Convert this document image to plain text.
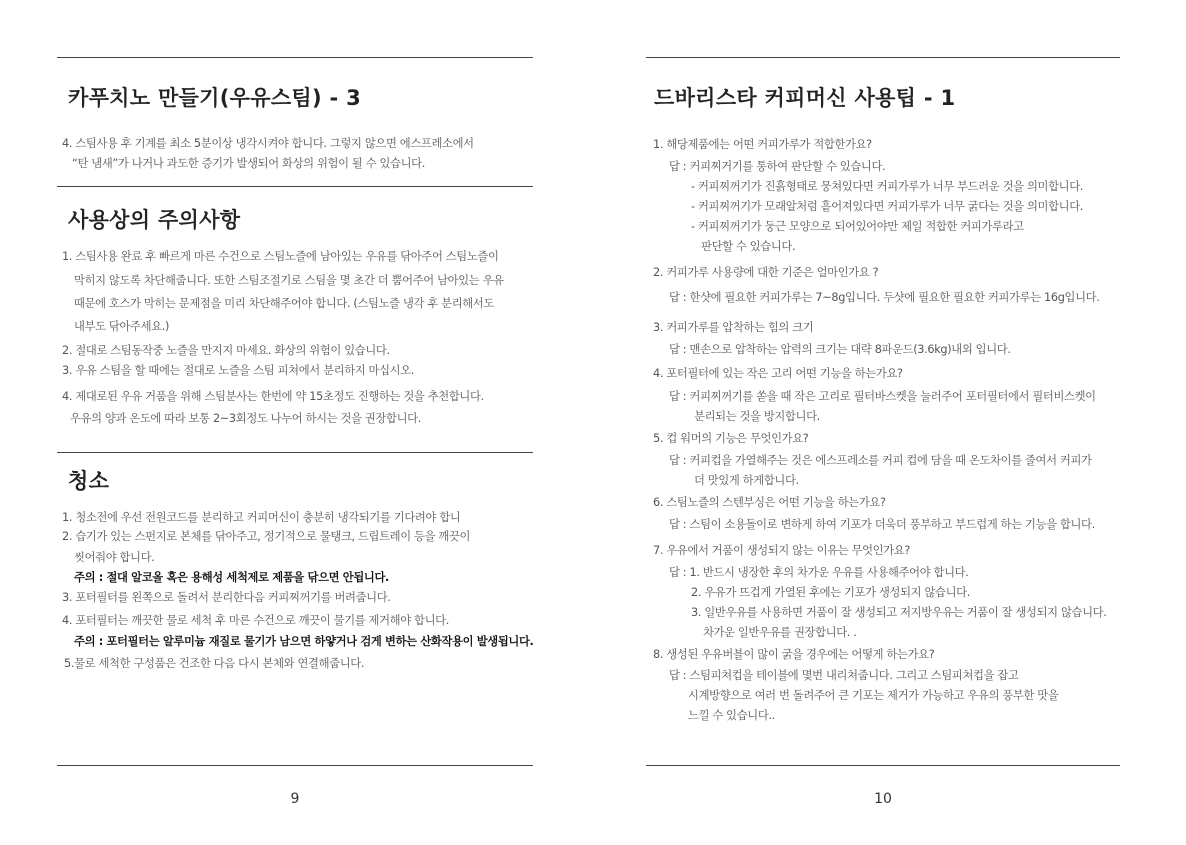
카푸치노 만들기(우유스팀) - 3
4. 스팀사용 후 기계를 최소 5분이상 냉각시켜야 합니다. 그렇지 않으면 에스프레소에서
“탄 냄새”가 나거나 과도한 증기가 발생되어 화상의 위험이 될 수 있습니다.
사용상의 주의사항
1. 스팀사용 완료 후 빠르게 마른 수건으로 스팀노즐에 남아있는 우유를 닦아주어 스팀노즐이
막히지 않도록 차단해줍니다. 또한 스팀조절기로 스팀을 몇 초간 더 뿜어주어 남아있는 우유
때문에 호스가 막히는 문제점을 미리 차단해주어야 합니다. (스팀노즐 냉각 후 분리해서도
내부도 닦아주세요.)
2. 절대로 스팀동작중 노즐을 만지지 마세요. 화상의 위험이 있습니다.
3. 우유 스팀을 할 때에는 절대로 노즐을 스팀 피쳐에서 분리하지 마십시오.
4. 제대로된 우유 거품을 위해 스팀분사는 한번에 약 15초정도 진행하는 것을 추천합니다.
우유의 양과 온도에 따라 보통 2~3회정도 나누어 하시는 것을 권장합니다.
청소
1. 청소전에 우선 전원코드를 분리하고 커피머신이 충분히 냉각되기를 기다려야 합니
2. 습기가 있는 스펀지로 본체를 닦아주고, 정기적으로 물탱크, 드립트레이 등을 깨끗이
씻어줘야 합니다.
주의 : 절대 알코올 혹은 용해성 세척제로 제품을 닦으면 안됩니다.
3. 포터필터를 왼쪽으로 돌려서 분리한다음 커피찌꺼기를 버려줍니다.
4. 포터필터는 깨끗한 물로 세척 후 마른 수건으로 깨끗이 물기를 제거해야 합니다.
주의 : 포터필터는 알루미늄 재질로 물기가 남으면 하얗거나 검게 변하는 산화작용이 발생됩니다.
5.물로 세척한 구성품은 건조한 다음 다시 본체와 연결해줍니다.
9
드바리스타 커피머신 사용팁 - 1
1. 해당제품에는 어떤 커피가루가 적합한가요?
답 : 커피찌거기를 통하여 판단할 수 있습니다.
- 커피찌꺼기가 진흙형태로 뭉쳐있다면 커피가루가 너무 부드러운 것을 의미합니다.
- 커피찌꺼기가 모래알처럼 흩어져있다면 커피가루가 너무 굵다는 것을 의미합니다.
- 커피찌꺼기가 둥근 모양으로 되어있어야만 제일 적합한 커피가루라고
판단할 수 있습니다.
2. 커피가루 사용량에 대한 기준은 얼마인가요 ?
답 : 한샷에 필요한 커피가루는 7~8g입니다. 두샷에 필요한 필요한 커피가루는 16g입니다.
3. 커피가루를 압착하는 힘의 크기
답 : 맨손으로 압착하는 압력의 크기는 대략 8파운드(3.6kg)내외 입니다.
4. 포터필터에 있는 작은 고리 어떤 기능을 하는가요?
답 : 커피찌꺼기를 쏟을 때 작은 고리로 필터바스켓을 눌러주어 포터필터에서 필터비스켓이
분리되는 것을 방지합니다.
5. 컵 워머의 기능은 무엇인가요?
답 : 커피컵을 가열해주는 것은 에스프레소를 커피 컵에 담을 때 온도차이를 줄여서 커피가
더 맛있게 하게합니다.
6. 스팀노즐의 스텐부싱은 어떤 기능을 하는가요?
답 : 스팀이 소용돌이로 변하게 하여 기포가 더욱더 풍부하고 부드럽게 하는 기능을 합니다.
7. 우유에서 거품이 생성되지 않는 이유는 무엇인가요?
답 : 1. 반드시 냉장한 후의 차가운 우유를 사용해주어야 합니다.
2. 우유가 뜨겁게 가열된 후에는 기포가 생성되지 않습니다.
3. 일반우유를 사용하면 거품이 잘 생성되고 저지방우유는 거품이 잘 생성되지 않습니다.
차가운 일반우유를 권장합니다. .
8. 생성된 우유버블이 많이 굵을 경우에는 어떻게 하는가요?
답 : 스팀피쳐컵을 테이블에 몇번 내리쳐줍니다. 그리고 스팀피쳐컵을 잡고
시계방향으로 여러 번 돌려주어 큰 기포는 제거가 가능하고 우유의 풍부한 맛을
느낄 수 있습니다..
10
